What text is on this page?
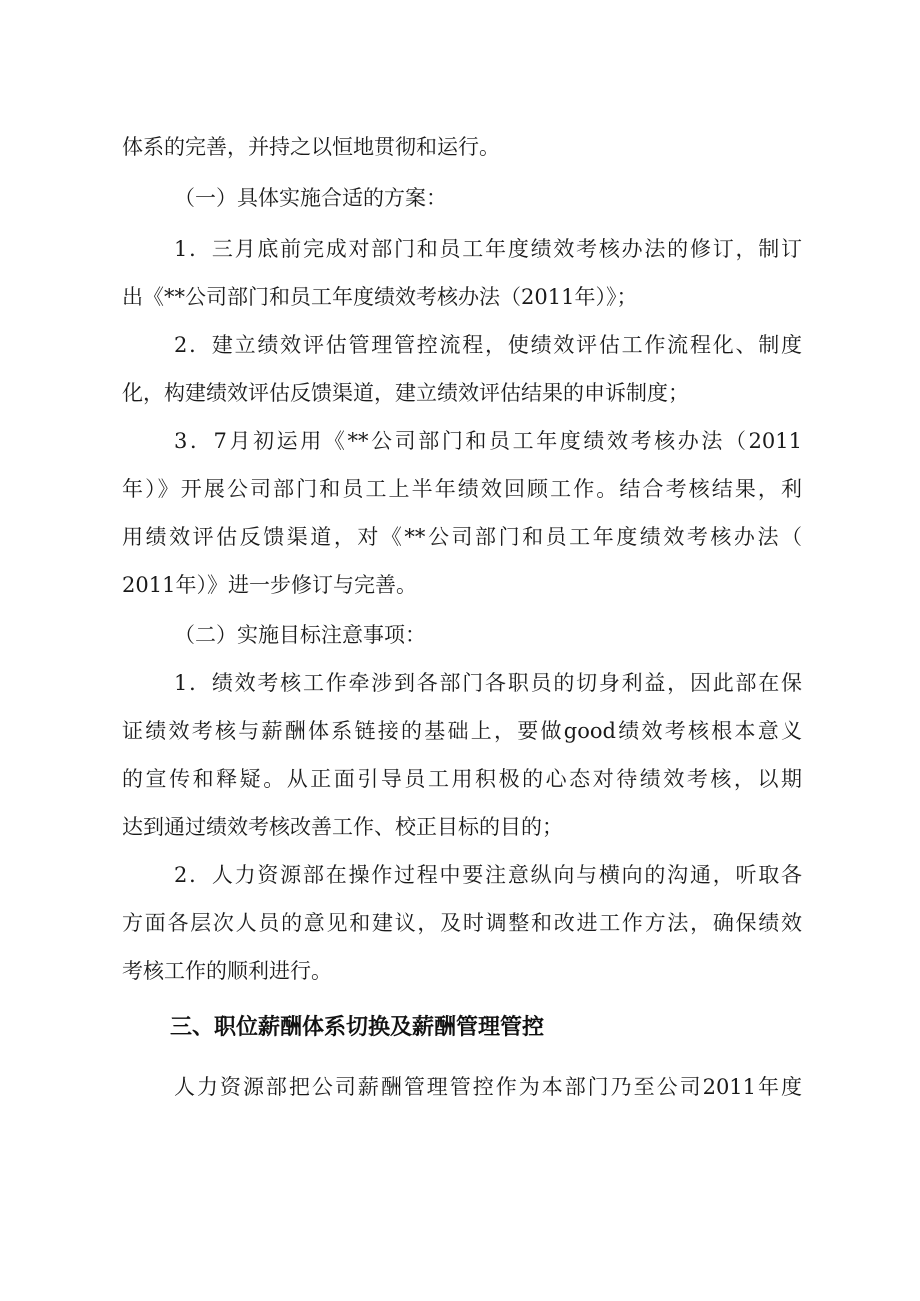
体系的完善，并持之以恒地贯彻和运行。
（一）具体实施合适的方案：
1．三月底前完成对部门和员工年度绩效考核办法的修订，制订
出《**公司部门和员工年度绩效考核办法（2011年）》；
2．建立绩效评估管理管控流程，使绩效评估工作流程化、制度
化，构建绩效评估反馈渠道，建立绩效评估结果的申诉制度；
3．7月初运用《**公司部门和员工年度绩效考核办法（2011
年）》开展公司部门和员工上半年绩效回顾工作。结合考核结果，利
用绩效评估反馈渠道，对《**公司部门和员工年度绩效考核办法（
2011年）》进一步修订与完善。
（二）实施目标注意事项：
1．绩效考核工作牵涉到各部门各职员的切身利益，因此部在保
证绩效考核与薪酬体系链接的基础上，要做good绩效考核根本意义
的宣传和释疑。从正面引导员工用积极的心态对待绩效考核，以期
达到通过绩效考核改善工作、校正目标的目的；
2．人力资源部在操作过程中要注意纵向与横向的沟通，听取各
方面各层次人员的意见和建议，及时调整和改进工作方法，确保绩效
考核工作的顺利进行。
三、职位薪酬体系切换及薪酬管理管控
人力资源部把公司薪酬管理管控作为本部门乃至公司2011年度
